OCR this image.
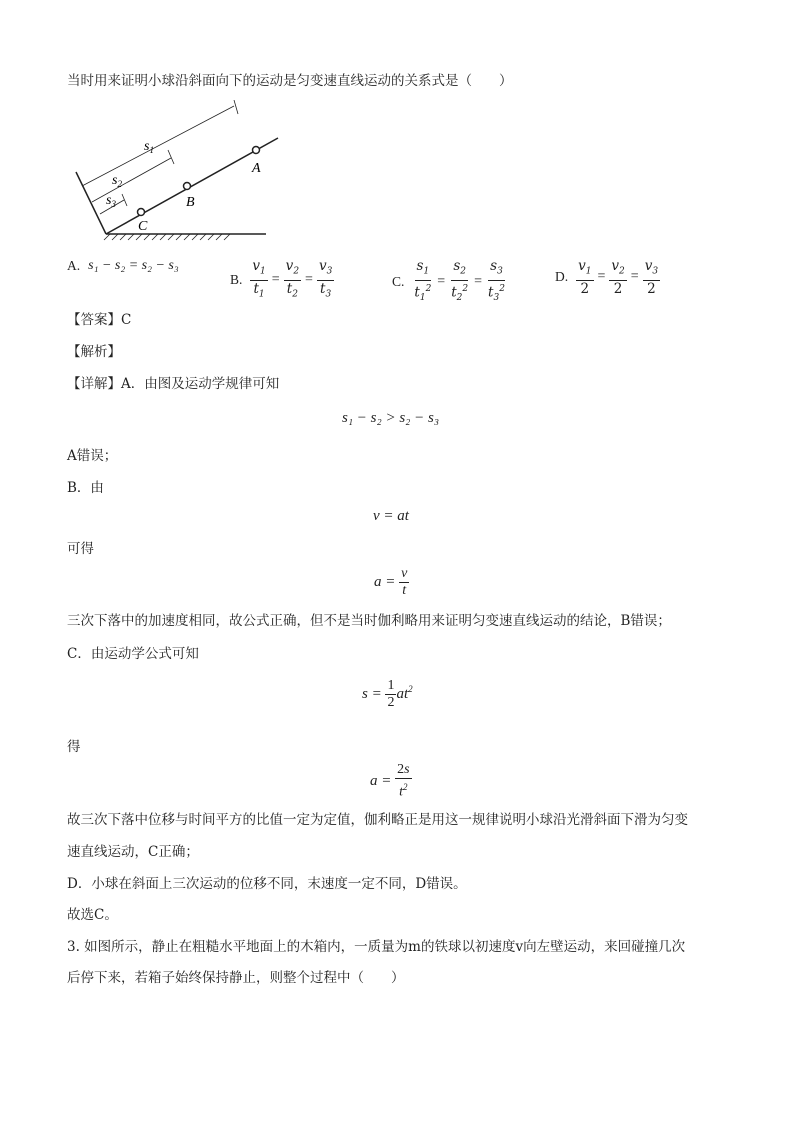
当时用来证明小球沿斜面向下的运动是匀变速直线运动的关系式是（　　）
$s_1$
$s_2$
$s_3$
A
B
C
A. s₁ − s₂ = s₂ − s₃
B. $\frac{v_1}{t_1} = \frac{v_2}{t_2} = \frac{v_3}{t_3}$	C. $\frac{s_1}{t_1^2} = \frac{s_2}{t_2^2} = \frac{s_3}{t_3^2}$	D. $\frac{v_1}{2} = \frac{v_2}{2} = \frac{v_3}{2}$
【答案】C
【解析】
【详解】A．由图及运动学规律可知
s₁ − s₂ > s₂ − s₃
A错误；
B．由
v = at
可得
$a = \frac{v}{t}$
三次下落中的加速度相同，故公式正确，但不是当时伽利略用来证明匀变速直线运动的结论，B错误；
C．由运动学公式可知
$s = \frac{1}{2} at^2$
得
$a = \frac{2s}{t^2}$
故三次下落中位移与时间平方的比值一定为定值，伽利略正是用这一规律说明小球沿光滑斜面下滑为匀变
速直线运动，C正确；
D．小球在斜面上三次运动的位移不同，末速度一定不同，D错误。
故选C。
3. 如图所示，静止在粗糙水平地面上的木箱内，一质量为m的铁球以初速度v向左壁运动，来回碰撞几次
后停下来，若箱子始终保持静止，则整个过程中（　　）
